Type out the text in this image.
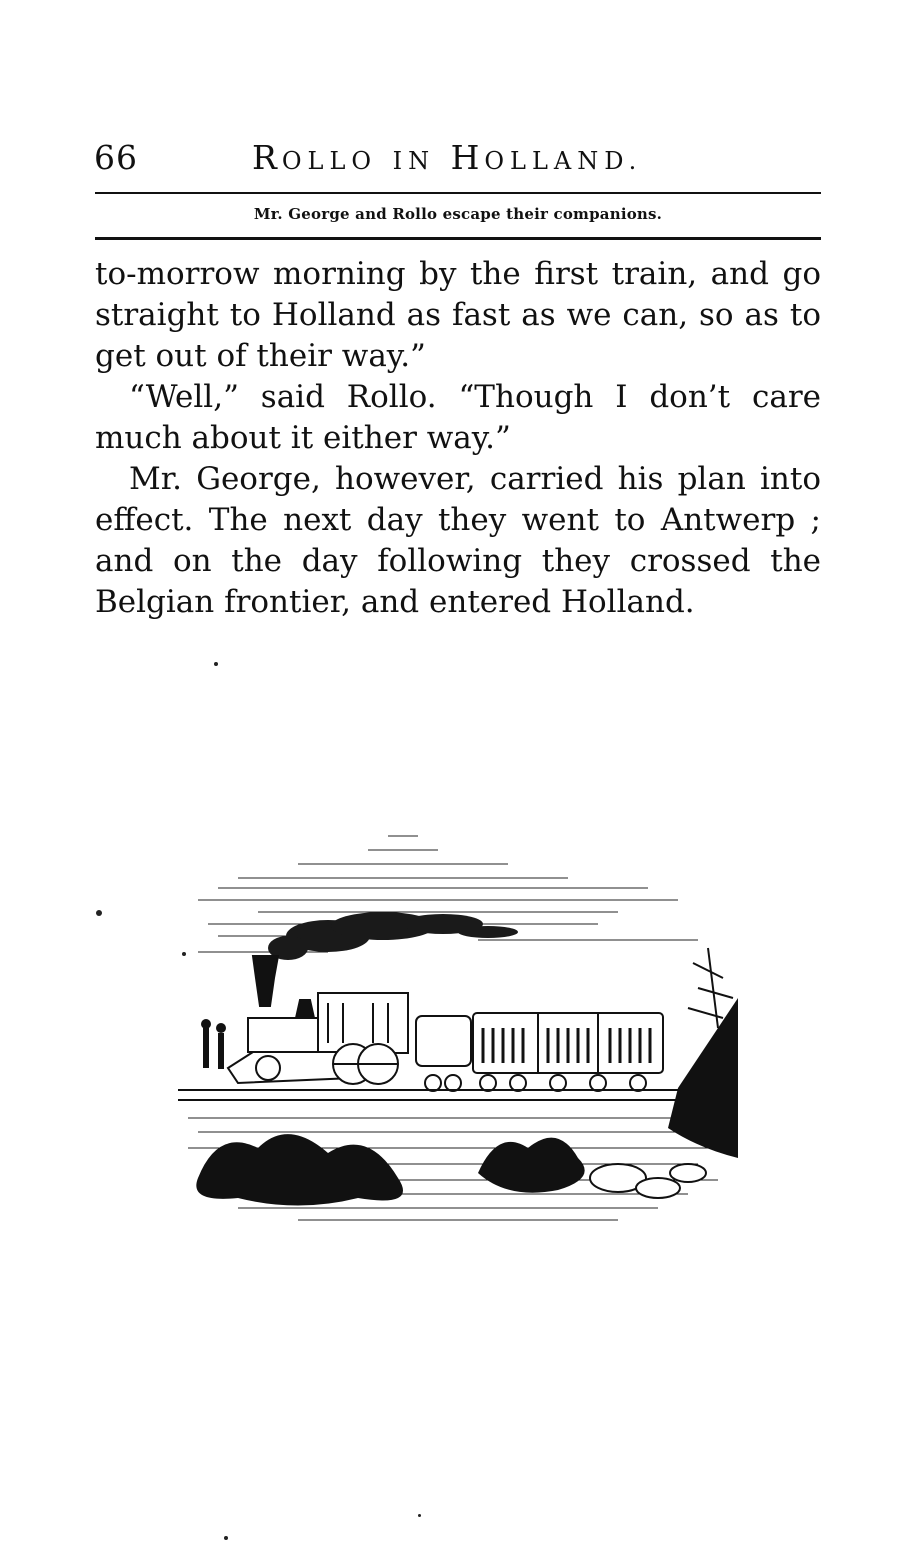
66	ROLLO IN HOLLAND.
Mr. George and Rollo escape their companions.

to-morrow morning by the first train, and go straight to Holland as fast as we can, so as to get out of their way.”

“Well,” said Rollo. “Though I don’t care much about it either way.”

Mr. George, however, carried his plan into effect. The next day they went to Antwerp ; and on the day following they crossed the Belgian frontier, and entered Holland.
